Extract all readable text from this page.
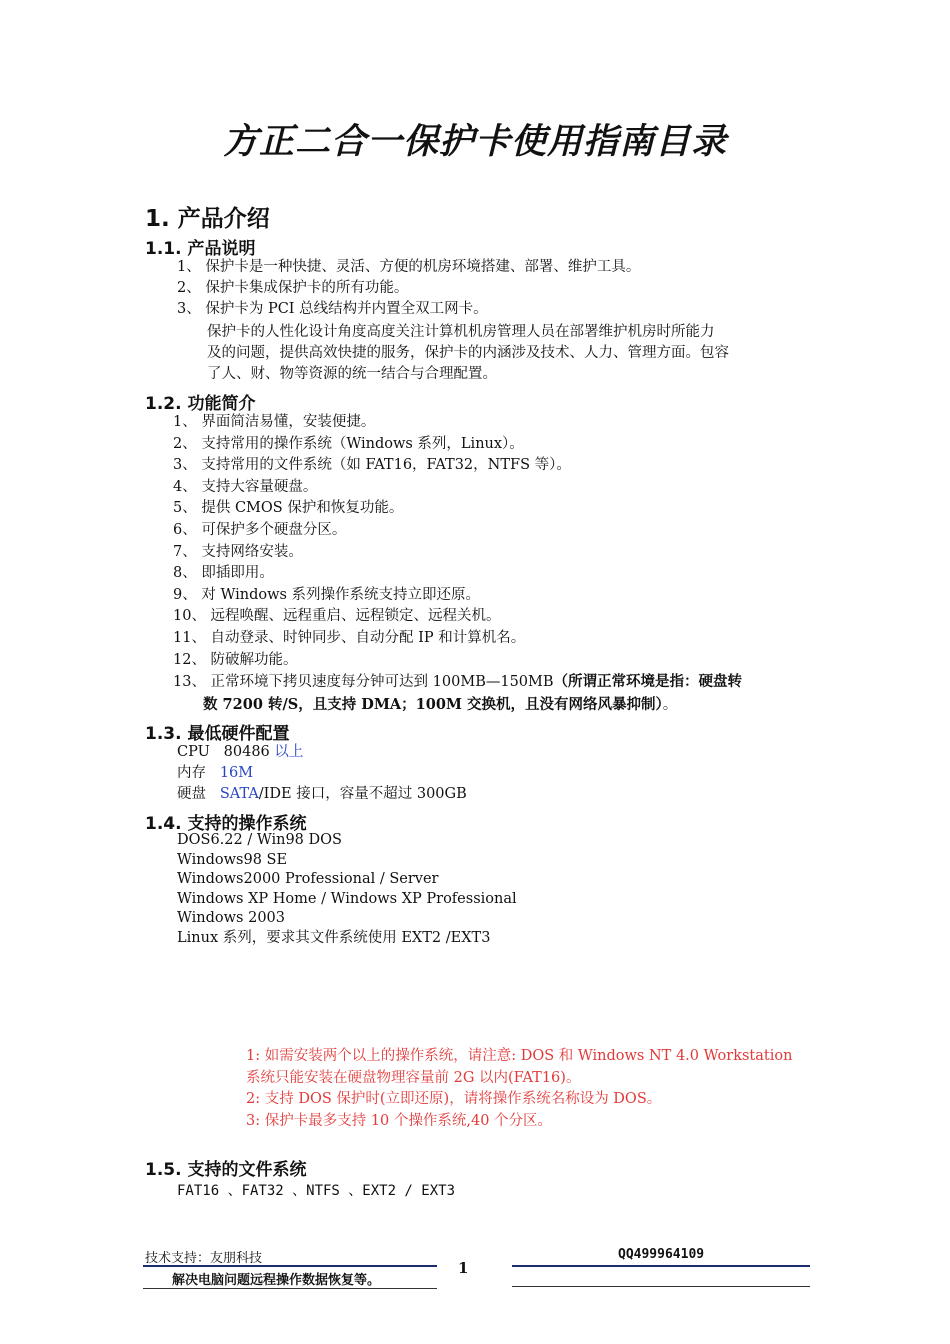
方正二合一保护卡使用指南目录
1. 产品介绍
1.1. 产品说明
1、 保护卡是一种快捷、灵活、方便的机房环境搭建、部署、维护工具。
2、 保护卡集成保护卡的所有功能。
3、 保护卡为 PCI 总线结构并内置全双工网卡。
保护卡的人性化设计角度高度关注计算机机房管理人员在部署维护机房时所能力
及的问题，提供高效快捷的服务，保护卡的内涵涉及技术、人力、管理方面。包容
了人、财、物等资源的统一结合与合理配置。
1.2. 功能简介
1、 界面简洁易懂，安装便捷。
2、 支持常用的操作系统（Windows 系列，Linux）。
3、 支持常用的文件系统（如 FAT16，FAT32，NTFS 等）。
4、 支持大容量硬盘。
5、 提供 CMOS 保护和恢复功能。
6、 可保护多个硬盘分区。
7、 支持网络安装。
8、 即插即用。
9、 对 Windows 系列操作系统支持立即还原。
10、 远程唤醒、远程重启、远程锁定、远程关机。
11、 自动登录、时钟同步、自动分配 IP 和计算机名。
12、 防破解功能。
13、 正常环境下拷贝速度每分钟可达到 100MB—150MB（所谓正常环境是指：硬盘转
数 7200 转/S，且支持 DMA；100M 交换机，且没有网络风暴抑制）。
1.3. 最低硬件配置
CPU 80486 以上
内存 16M
硬盘 SATA/IDE 接口，容量不超过 300GB
1.4. 支持的操作系统
DOS6.22 / Win98 DOS
Windows98 SE
Windows2000 Professional / Server
Windows XP Home / Windows XP Professional
Windows 2003
Linux 系列，要求其文件系统使用 EXT2 /EXT3
1: 如需安装两个以上的操作系统，请注意: DOS 和 Windows NT 4.0 Workstation
系统只能安装在硬盘物理容量前 2G 以内(FAT16)。
2: 支持 DOS 保护时(立即还原)，请将操作系统名称设为 DOS。
3: 保护卡最多支持 10 个操作系统,40 个分区。
1.5. 支持的文件系统
FAT16 、FAT32 、NTFS 、EXT2 / EXT3
技术支持：友朋科技
解决电脑问题远程操作数据恢复等。
1
QQ499964109
